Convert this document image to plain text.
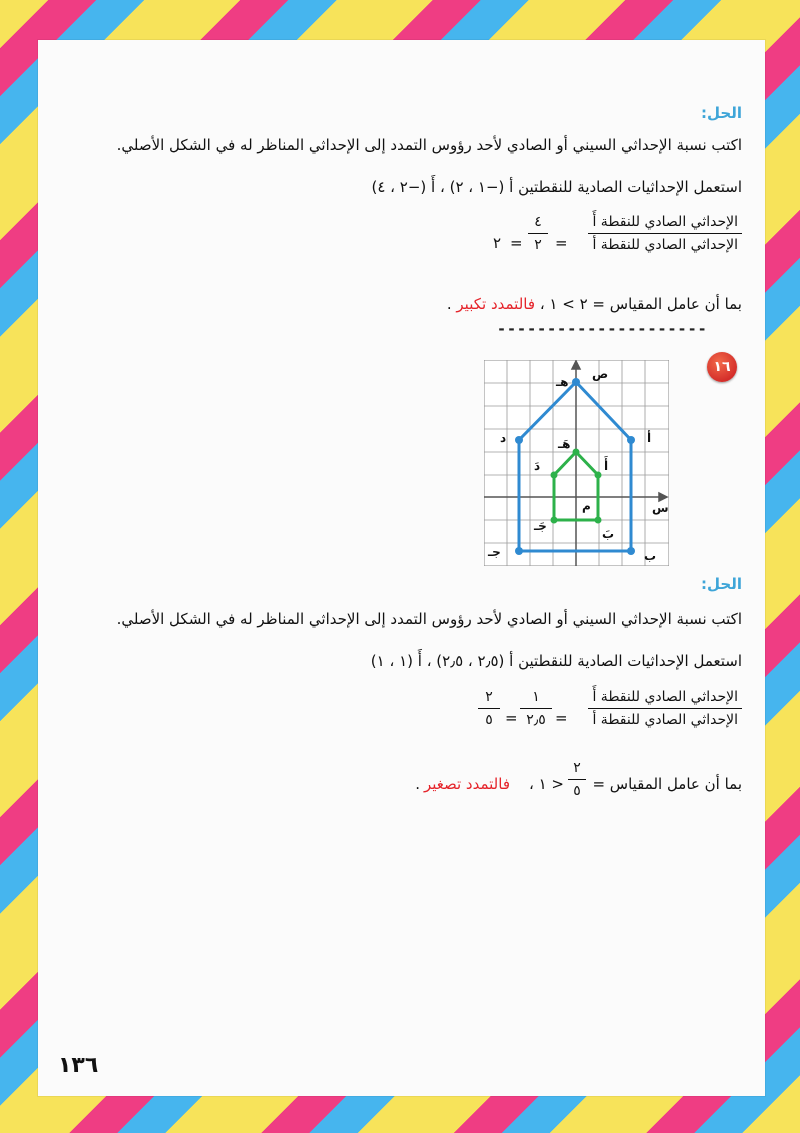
الحل:
اكتب نسبة الإحداثي السيني أو الصادي لأحد رؤوس التمدد إلى الإحداثي المناظر له في الشكل الأصلي.
استعمل الإحداثيات الصادية للنقطتين أ (−١ ، ٢) ، أَ (−٢ ، ٤)
الإحداثي الصادي للنقطة أَ
الإحداثي الصادي للنقطة أ
=
٤
٢
=
٢
بما أن عامل المقياس = ٢ > ١ ، فالتمدد تكبير .
---------------------
١٦
ص
س
م
هـ
د	أ
جـ	ب
هَـ
دَ	أَ
جَـ
بَ
الحل:
اكتب نسبة الإحداثي السيني أو الصادي لأحد رؤوس التمدد إلى الإحداثي المناظر له في الشكل الأصلي.
استعمل الإحداثيات الصادية للنقطتين أ (٢٫٥ ، ٢٫٥) ، أَ (١ ، ١)
الإحداثي الصادي للنقطة أَ
الإحداثي الصادي للنقطة أ
=
١
٢٫٥
=
٢
٥
بما أن عامل المقياس =
٢
٥
< ١ ،
فالتمدد تصغير
.
١٣٦
